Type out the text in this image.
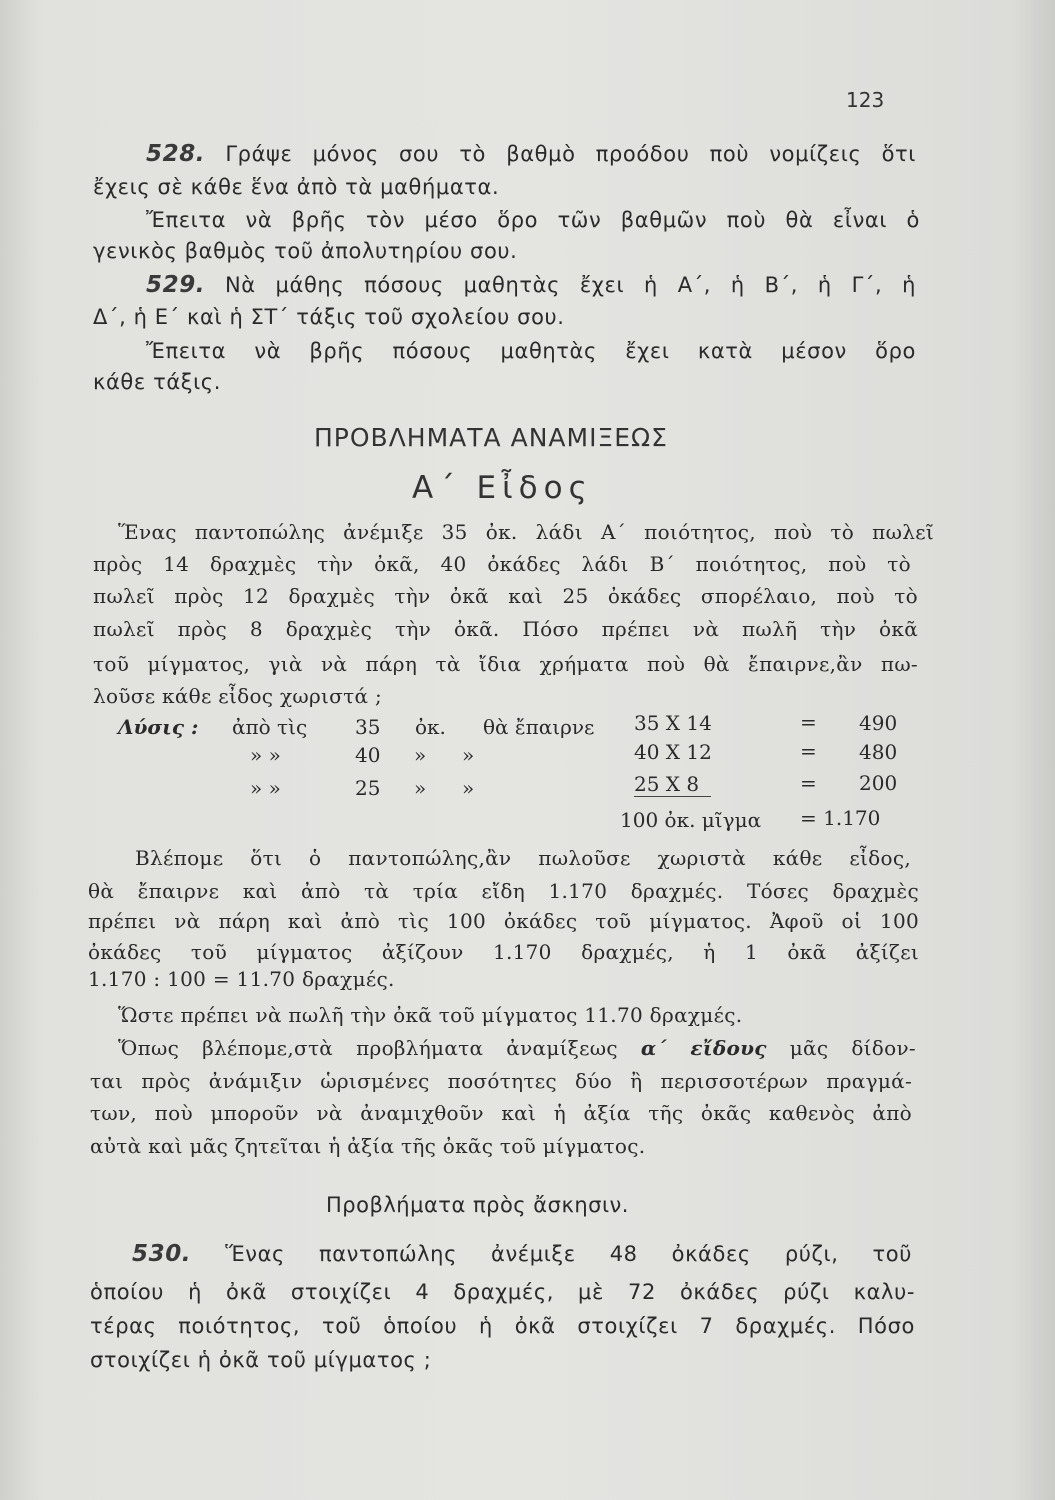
123
528. Γράψε μόνος σου τὸ βαθμὸ προόδου ποὺ νομίζεις ὅτι
ἔχεις σὲ κάθε ἕνα ἀπὸ τὰ μαθήματα.
Ἔπειτα νὰ βρῆς τὸν μέσο ὅρο τῶν βαθμῶν ποὺ θὰ εἶναι ὁ
γενικὸς βαθμὸς τοῦ ἀπολυτηρίου σου.
529. Νὰ μάθης πόσους μαθητὰς ἔχει ἡ Α΄, ἡ Β΄, ἡ Γ΄, ἡ
Δ΄, ἡ Ε΄ καὶ ἡ ΣΤ΄ τάξις τοῦ σχολείου σου.
Ἔπειτα νὰ βρῆς πόσους μαθητὰς ἔχει κατὰ μέσον ὅρο
κάθε τάξις.
ΠΡΟΒΛΗΜΑΤΑ ΑΝΑΜΙΞΕΩΣ
Α΄ Εἶδος
Ἕνας παντοπώλης ἀνέμιξε 35 ὀκ. λάδι Α΄ ποιότητος, ποὺ τὸ πωλεῖ
πρὸς 14 δραχμὲς τὴν ὀκᾶ, 40 ὀκάδες λάδι Β΄ ποιότητος, ποὺ τὸ
πωλεῖ πρὸς 12 δραχμὲς τὴν ὀκᾶ καὶ 25 ὀκάδες σπορέλαιο, ποὺ τὸ
πωλεῖ πρὸς 8 δραχμὲς τὴν ὀκᾶ. Πόσο πρέπει νὰ πωλῆ τὴν ὀκᾶ
τοῦ μίγματος, γιὰ νὰ πάρη τὰ ἴδια χρήματα ποὺ θὰ ἔπαιρνε,ἂν πω-
λοῦσε κάθε εἶδος χωριστά ;
Λύσις : ἀπὸ τὶς 35 ὀκ. θὰ ἔπαιρνε 35 X 14	= 490
» »	40 » »	40 X 12	= 480
» »	25 » »	25 X 8	= 200
100 ὀκ. μῖγμα = 1.170
Βλέπομε ὅτι ὁ παντοπώλης,ἂν πωλοῦσε χωριστὰ κάθε εἶδος,
θὰ ἔπαιρνε καὶ ἀπὸ τὰ τρία εἴδη 1.170 δραχμές. Τόσες δραχμὲς
πρέπει νὰ πάρη καὶ ἀπὸ τὶς 100 ὀκάδες τοῦ μίγματος. Ἀφοῦ οἱ 100
ὀκάδες τοῦ μίγματος ἀξίζουν 1.170 δραχμές, ἡ 1 ὀκᾶ ἀξίζει
1.170 : 100 = 11.70 δραχμές.
Ὥστε πρέπει νὰ πωλῆ τὴν ὀκᾶ τοῦ μίγματος 11.70 δραχμές.
Ὅπως βλέπομε,στὰ προβλήματα ἀναμίξεως α΄ εἴδους μᾶς δίδον-
ται πρὸς ἀνάμιξιν ὡρισμένες ποσότητες δύο ἢ περισσοτέρων πραγμά-
των, ποὺ μποροῦν νὰ ἀναμιχθοῦν καὶ ἡ ἀξία τῆς ὀκᾶς καθενὸς ἀπὸ
αὐτὰ καὶ μᾶς ζητεῖται ἡ ἀξία τῆς ὀκᾶς τοῦ μίγματος.
Προβλήματα πρὸς ἄσκησιν.
530. Ἕνας παντοπώλης ἀνέμιξε 48 ὀκάδες ρύζι, τοῦ
ὁποίου ἡ ὀκᾶ στοιχίζει 4 δραχμές, μὲ 72 ὀκάδες ρύζι καλυ-
τέρας ποιότητος, τοῦ ὁποίου ἡ ὀκᾶ στοιχίζει 7 δραχμές. Πόσο
στοιχίζει ἡ ὀκᾶ τοῦ μίγματος ;
